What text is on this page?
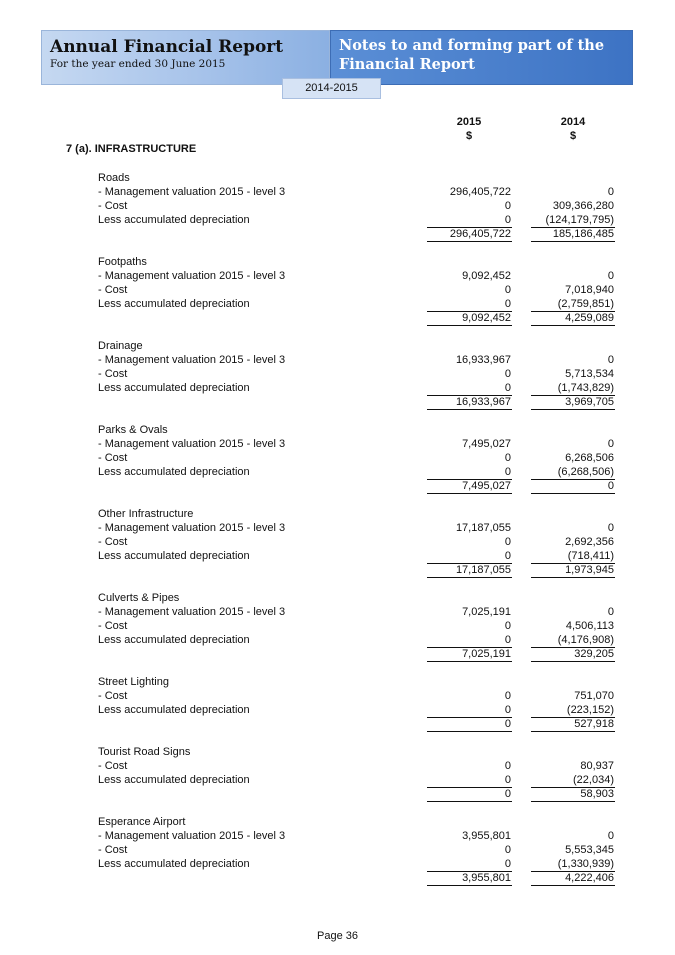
Annual Financial Report
For the year ended 30 June 2015
Notes to and forming part of the Financial Report
2014-2015
2015
$
2014
$
7 (a). INFRASTRUCTURE
Roads
- Management valuation 2015 - level 3	296,405,722	0
- Cost	0	309,366,280
Less accumulated depreciation	0	(124,179,795)
296,405,722	185,186,485
Footpaths
- Management valuation 2015 - level 3	9,092,452	0
- Cost	0	7,018,940
Less accumulated depreciation	0	(2,759,851)
9,092,452	4,259,089
Drainage
- Management valuation 2015 - level 3	16,933,967	0
- Cost	0	5,713,534
Less accumulated depreciation	0	(1,743,829)
16,933,967	3,969,705
Parks & Ovals
- Management valuation 2015 - level 3	7,495,027	0
- Cost	0	6,268,506
Less accumulated depreciation	0	(6,268,506)
7,495,027	0
Other Infrastructure
- Management valuation 2015 - level 3	17,187,055	0
- Cost	0	2,692,356
Less accumulated depreciation	0	(718,411)
17,187,055	1,973,945
Culverts & Pipes
- Management valuation 2015 - level 3	7,025,191	0
- Cost	0	4,506,113
Less accumulated depreciation	0	(4,176,908)
7,025,191	329,205
Street Lighting
- Cost	0	751,070
Less accumulated depreciation	0	(223,152)
0	527,918
Tourist Road Signs
- Cost	0	80,937
Less accumulated depreciation	0	(22,034)
0	58,903
Esperance Airport
- Management valuation 2015 - level 3	3,955,801	0
- Cost	0	5,553,345
Less accumulated depreciation	0	(1,330,939)
3,955,801	4,222,406
Page 36
